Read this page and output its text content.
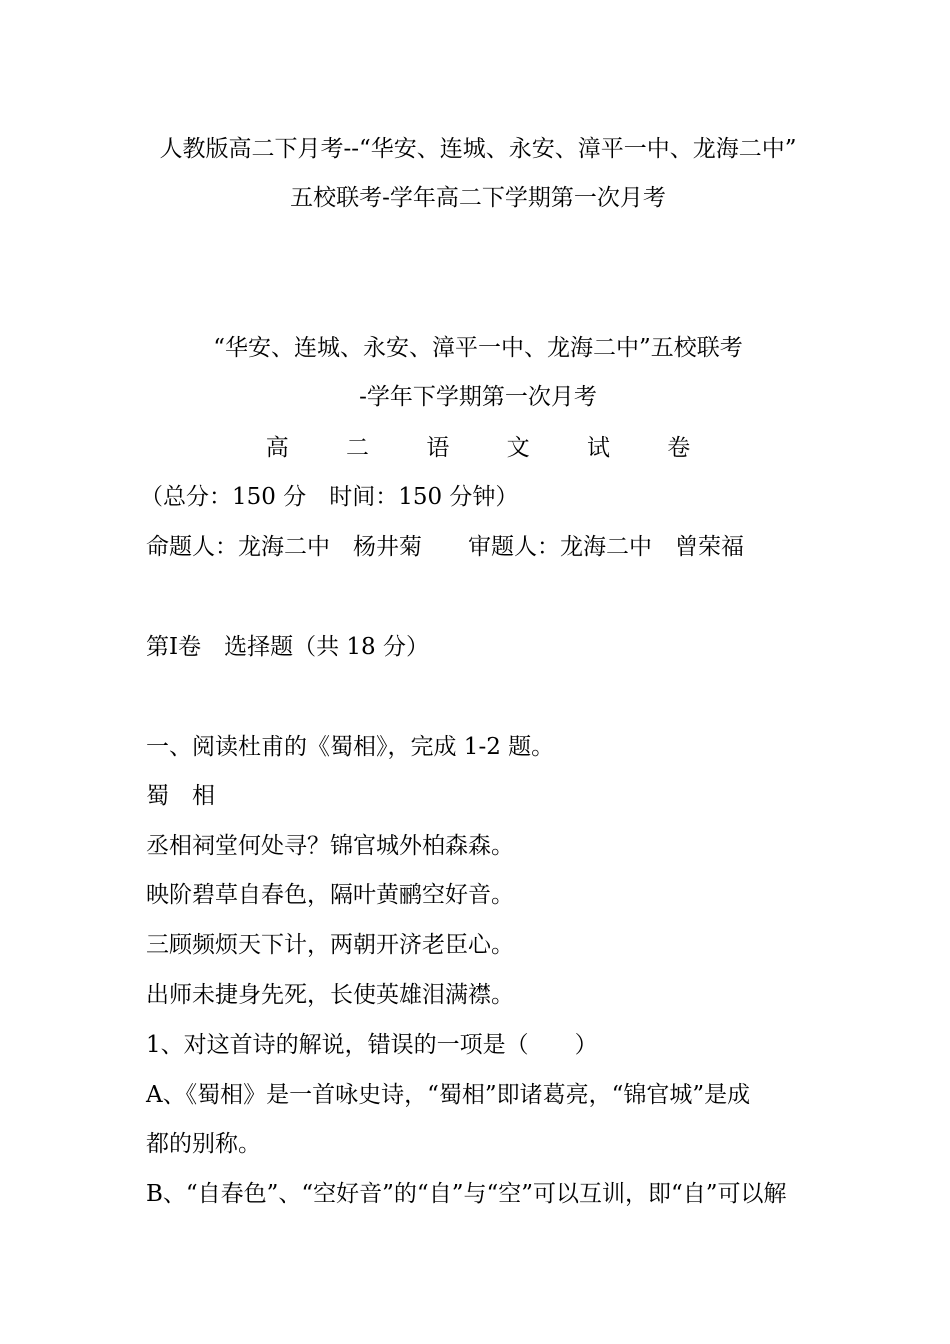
人教版高二下月考--“华安、连城、永安、漳平一中、龙海二中”
五校联考-学年高二下学期第一次月考
“华安、连城、永安、漳平一中、龙海二中”五校联考
-学年下学期第一次月考
高 二 语 文 试 卷
（总分：150 分　时间：150 分钟）
命题人：龙海二中　杨井菊　　审题人：龙海二中　曾荣福
第Ⅰ卷　选择题（共 18 分）
一、阅读杜甫的《蜀相》，完成 1-2 题。
蜀　相
丞相祠堂何处寻？锦官城外柏森森。
映阶碧草自春色，隔叶黄鹂空好音。
三顾频烦天下计，两朝开济老臣心。
出师未捷身先死，长使英雄泪满襟。
1、对这首诗的解说，错误的一项是（　　）
A、《蜀相》是一首咏史诗，“蜀相”即诸葛亮，“锦官城”是成
都的别称。
B、“自春色”、“空好音”的“自”与“空”可以互训，即“自”可以解
